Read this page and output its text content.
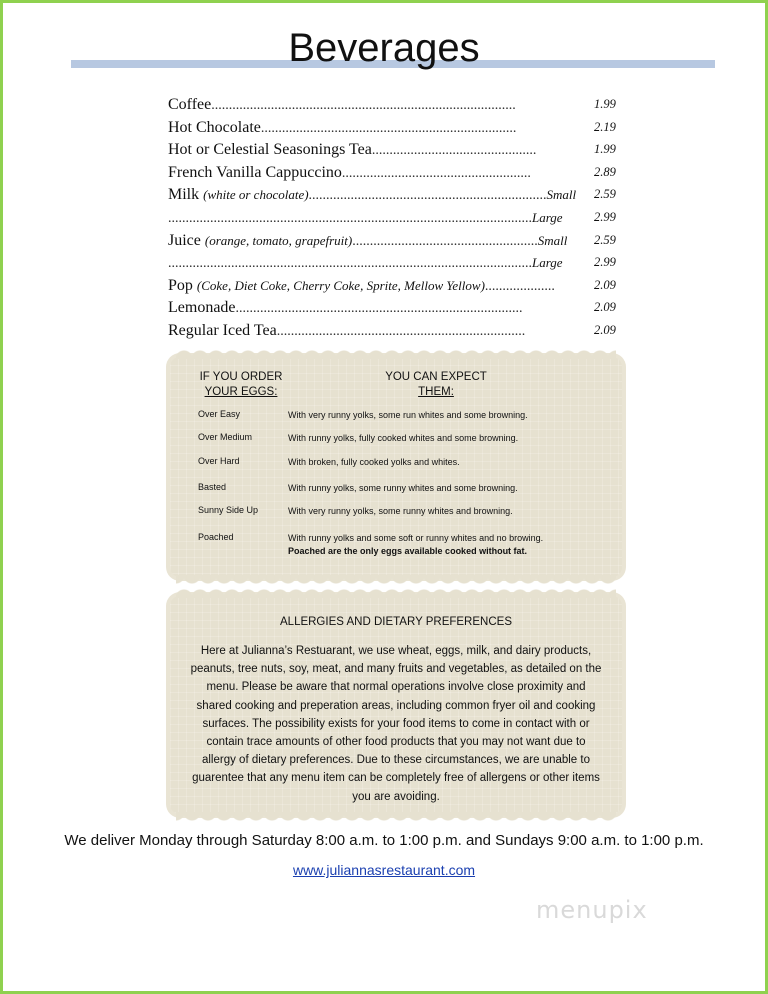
Beverages
Coffee.......................................................................................	1.99
Hot Chocolate.........................................................................	2.19
Hot or Celestial Seasonings Tea...............................................	1.99
French Vanilla Cappuccino......................................................	2.89
Milk (white or chocolate)....................................................................Small 2.59
........................................................................................................Large	2.99
Juice (orange, tomato, grapefruit).....................................................Small	2.59
........................................................................................................Large	2.99
Pop (Coke, Diet Coke, Cherry Coke, Sprite, Mellow Yellow)....................	2.09
Lemonade..................................................................................	2.09
Regular Iced Tea.......................................................................	2.09
IF YOU ORDER
YOUR EGGS:
YOU CAN EXPECT
THEM:
Over Easy	With very runny yolks, some run whites and some browning.
Over Medium	With runny yolks, fully cooked whites and some browning.
Over Hard	With broken, fully cooked yolks and whites.
Basted	With runny yolks, some runny whites and some browning.
Sunny Side Up	With very runny yolks, some runny whites and browning.
Poached	With runny yolks and some soft or runny whites and no browing.
Poached are the only eggs available cooked without fat.
ALLERGIES AND DIETARY PREFERENCES
Here at Julianna’s Restuarant, we use wheat, eggs, milk, and dairy products, peanuts, tree nuts, soy, meat, and many fruits and vegetables, as detailed on the menu. Please be aware that normal operations involve close proximity and shared cooking and preperation areas, including common fryer oil and cooking surfaces. The possibility exists for your food items to come in contact with or contain trace amounts of other food products that you may not want due to allergy of dietary preferences. Due to these circumstances, we are unable to guarentee that any menu item can be completely free of allergens or other items you are avoiding.
We deliver Monday through Saturday 8:00 a.m. to 1:00 p.m. and Sundays 9:00 a.m. to 1:00 p.m.
www.juliannasrestaurant.com
menupix
